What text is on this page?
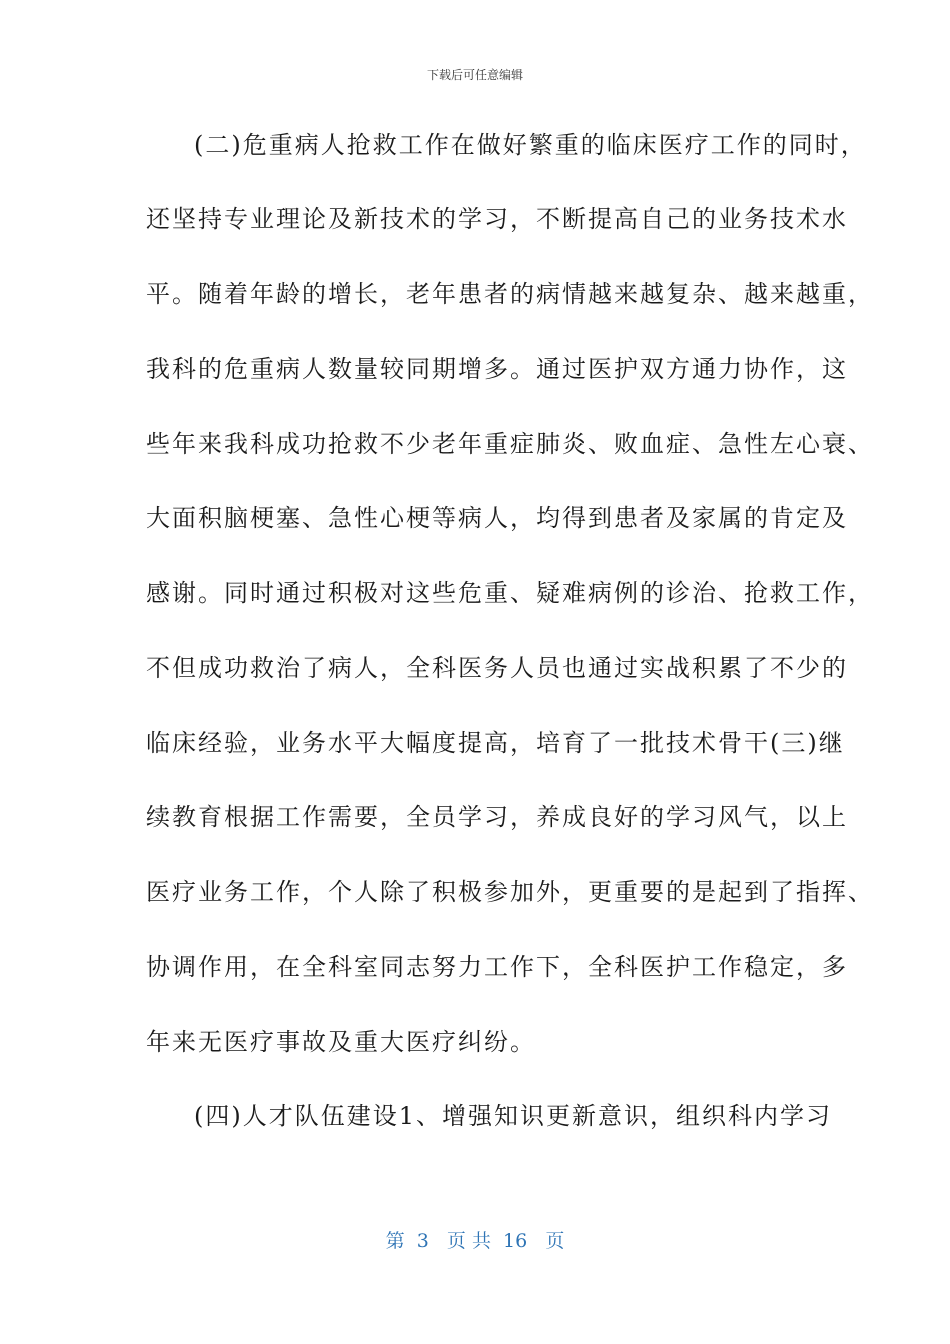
下载后可任意编辑
(二)危重病人抢救工作在做好繁重的临床医疗工作的同时，
还坚持专业理论及新技术的学习，不断提高自己的业务技术水
平。随着年龄的增长，老年患者的病情越来越复杂、越来越重，
我科的危重病人数量较同期增多。通过医护双方通力协作，这
些年来我科成功抢救不少老年重症肺炎、败血症、急性左心衰、
大面积脑梗塞、急性心梗等病人，均得到患者及家属的肯定及
感谢。同时通过积极对这些危重、疑难病例的诊治、抢救工作，
不但成功救治了病人，全科医务人员也通过实战积累了不少的
临床经验，业务水平大幅度提高，培育了一批技术骨干(三)继
续教育根据工作需要，全员学习，养成良好的学习风气，以上
医疗业务工作，个人除了积极参加外，更重要的是起到了指挥、
协调作用，在全科室同志努力工作下，全科医护工作稳定，多
年来无医疗事故及重大医疗纠纷。
(四)人才队伍建设1、增强知识更新意识，组织科内学习
第  3   页 共  16   页
